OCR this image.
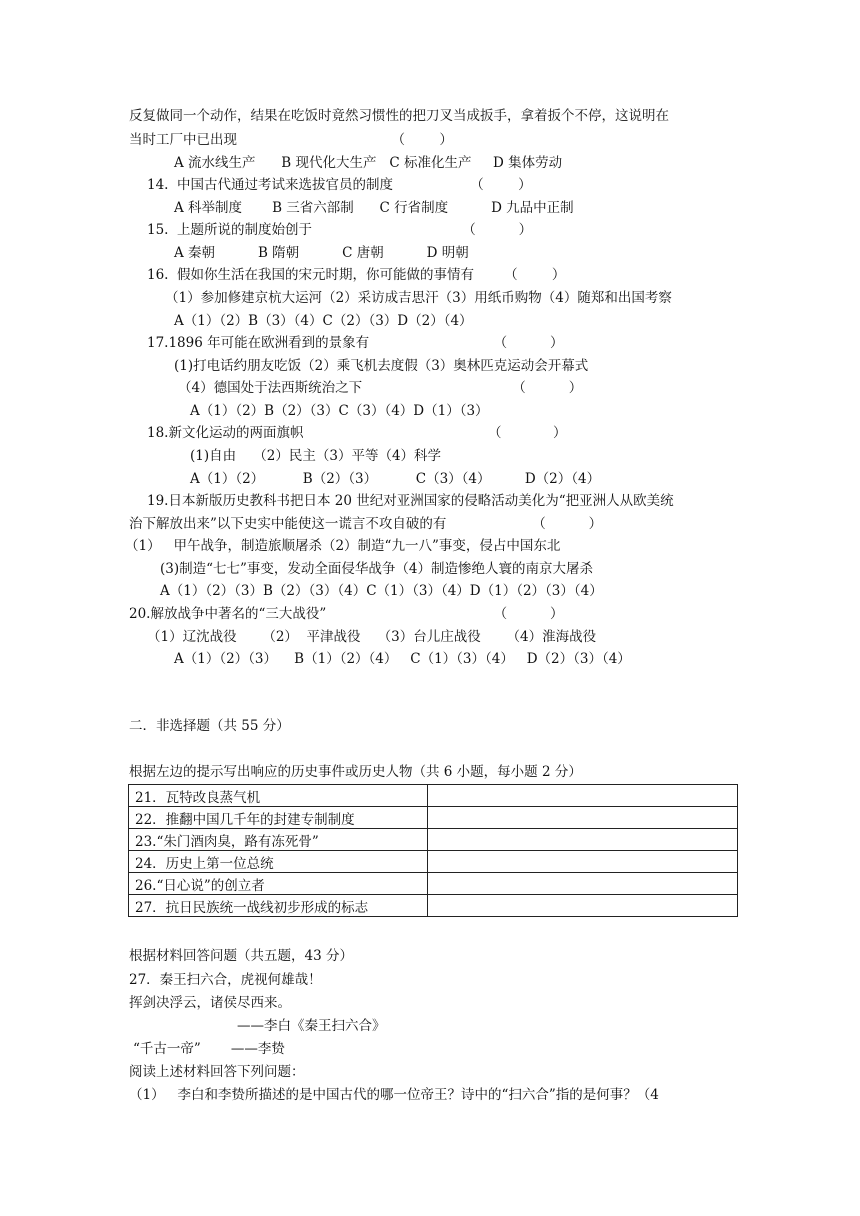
反复做同一个动作，结果在吃饭时竟然习惯性的把刀叉当成扳手，拿着扳个不停，这说明在
当时工厂中已出现                                    （        ）
A 流水线生产      B 现代化大生产   C 标准化生产     D 集体劳动
14.  中国古代通过考试来选拔官员的制度                  （        ）
A 科举制度       B 三省六部制      C 行省制度          D 九品中正制
15.  上题所说的制度始创于                                   （          ）
A 秦朝          B 隋朝          C 唐朝          D 明朝
16.  假如你生活在我国的宋元时期，你可能做的事情有       （        ）
（1）参加修建京杭大运河（2）采访成吉思汗（3）用纸币购物（4）随郑和出国考察
A（1）（2）B（3）（4）C（2）（3）D（2）（4）
17.1896 年可能在欧洲看到的景象有                             （          ）
(1)打电话约朋友吃饭（2）乘飞机去度假（3）奥林匹克运动会开幕式
（4）德国处于法西斯统治之下                                   （          ）
A（1）（2）B（2）（3）C（3）（4）D（1）（3）
18.新文化运动的两面旗帜                                           （            ）
(1)自由    （2）民主（3）平等（4）科学
A（1）（2）         B（2）（3）         C（3）（4）        D（2）（4）
19.日本新版历史教科书把日本 20 世纪对亚洲国家的侵略活动美化为“把亚洲人从欧美统
治下解放出来”以下史实中能使这一谎言不攻自破的有                    （          ）
（1）   甲午战争，制造旅顺屠杀（2）制造“九一八”事变，侵占中国东北
(3)制造“七七”事变，发动全面侵华战争（4）制造惨绝人寰的南京大屠杀
A（1）（2）（3）B（2）（3）（4）C（1）（3）（4）D（1）（2）（3）（4）
20.解放战争中著名的“三大战役”                                       （          ）
（1）辽沈战役      （2）  平津战役    （3）台儿庄战役      （4）淮海战役
A（1）（2）（3）    B（1）（2）（4）   C（1）（3）（4）   D（2）（3）（4）
二．非选择题（共 55 分）
根据左边的提示写出响应的历史事件或历史人物（共 6 小题，每小题 2 分）
21．瓦特改良蒸气机	
22．推翻中国几千年的封建专制制度	
23.“朱门酒肉臭，路有冻死骨”	
24．历史上第一位总统	
26.“日心说”的创立者	
27．抗日民族统一战线初步形成的标志	
根据材料回答问题（共五题，43 分）
27．秦王扫六合，虎视何雄哉！
挥剑决浮云，诸侯尽西来。
——李白《秦王扫六合》
“千古一帝”       ——李贽
阅读上述材料回答下列问题：
（1）   李白和李贽所描述的是中国古代的哪一位帝王？诗中的“扫六合”指的是何事？（4
